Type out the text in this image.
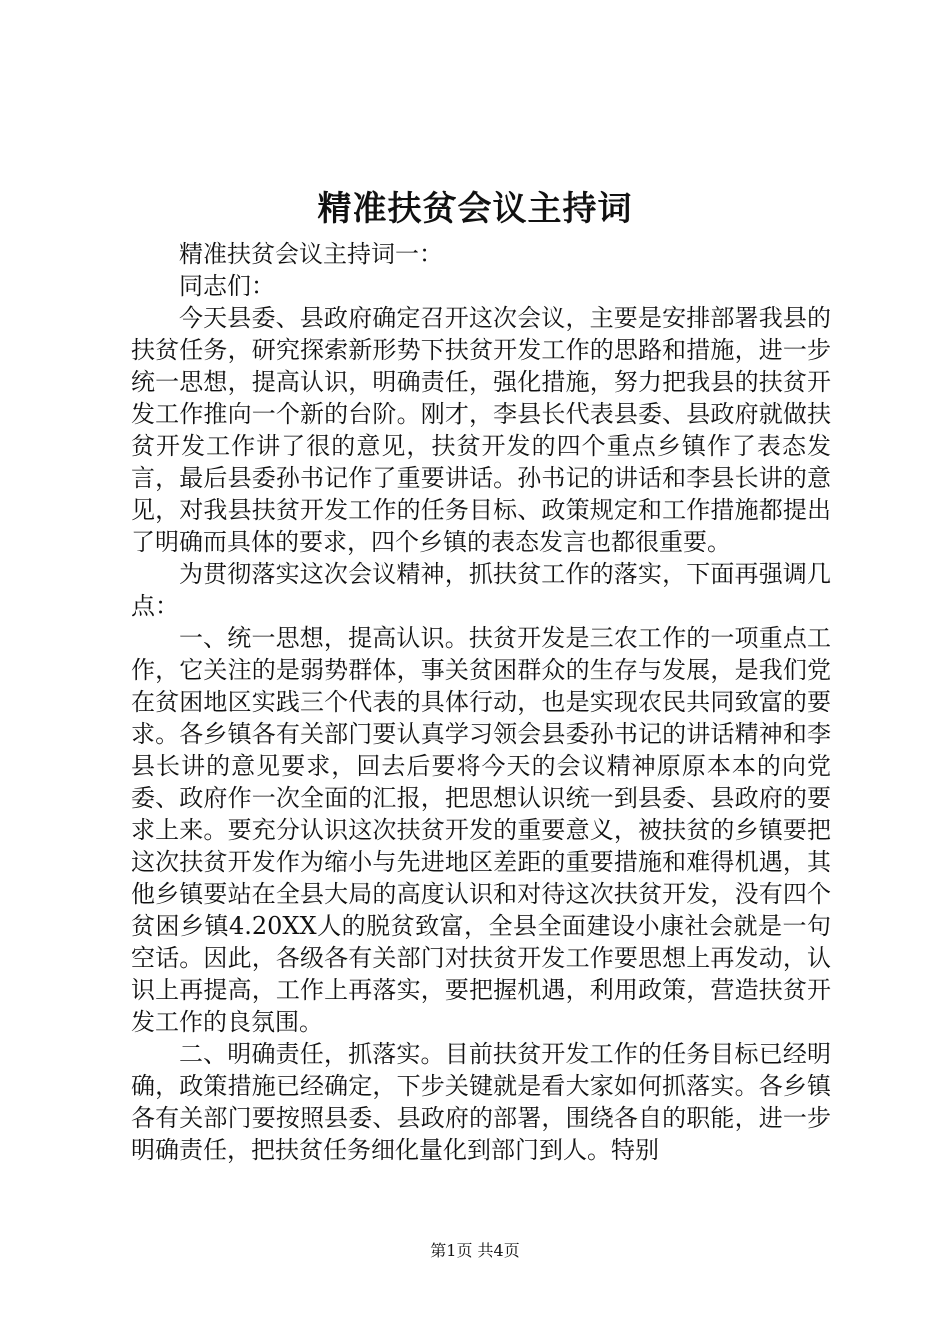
精准扶贫会议主持词

精准扶贫会议主持词一：

同志们：

今天县委、县政府确定召开这次会议，主要是安排部署我县的扶贫任务，研究探索新形势下扶贫开发工作的思路和措施，进一步统一思想，提高认识，明确责任，强化措施，努力把我县的扶贫开发工作推向一个新的台阶。刚才，李县长代表县委、县政府就做扶贫开发工作讲了很的意见，扶贫开发的四个重点乡镇作了表态发言，最后县委孙书记作了重要讲话。孙书记的讲话和李县长讲的意见，对我县扶贫开发工作的任务目标、政策规定和工作措施都提出了明确而具体的要求，四个乡镇的表态发言也都很重要。

为贯彻落实这次会议精神，抓扶贫工作的落实，下面再强调几点：

一、统一思想，提高认识。扶贫开发是三农工作的一项重点工作，它关注的是弱势群体，事关贫困群众的生存与发展，是我们党在贫困地区实践三个代表的具体行动，也是实现农民共同致富的要求。各乡镇各有关部门要认真学习领会县委孙书记的讲话精神和李县长讲的意见要求，回去后要将今天的会议精神原原本本的向党委、政府作一次全面的汇报，把思想认识统一到县委、县政府的要求上来。要充分认识这次扶贫开发的重要意义，被扶贫的乡镇要把这次扶贫开发作为缩小与先进地区差距的重要措施和难得机遇，其他乡镇要站在全县大局的高度认识和对待这次扶贫开发，没有四个贫困乡镇4.20XX人的脱贫致富，全县全面建设小康社会就是一句空话。因此，各级各有关部门对扶贫开发工作要思想上再发动，认识上再提高，工作上再落实，要把握机遇，利用政策，营造扶贫开发工作的良氛围。

二、明确责任，抓落实。目前扶贫开发工作的任务目标已经明确，政策措施已经确定，下步关键就是看大家如何抓落实。各乡镇各有关部门要按照县委、县政府的部署，围绕各自的职能，进一步明确责任，把扶贫任务细化量化到部门到人。特别

第1页 共4页
